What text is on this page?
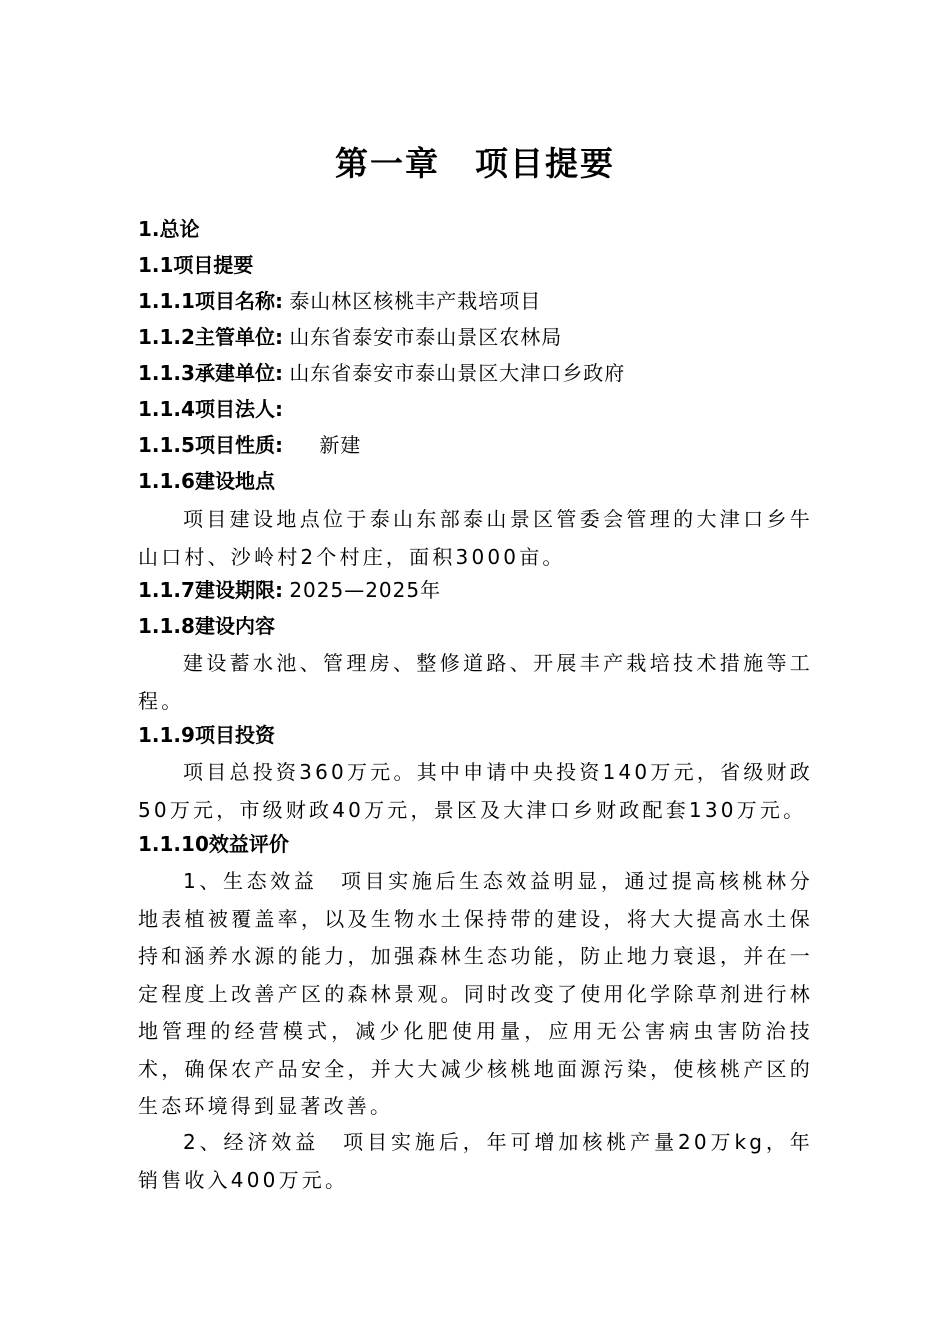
第一章　项目提要
1.总论
1.1项目提要
1.1.1项目名称: 泰山林区核桃丰产栽培项目
1.1.2主管单位: 山东省泰安市泰山景区农林局
1.1.3承建单位: 山东省泰安市泰山景区大津口乡政府
1.1.4项目法人:
1.1.5项目性质: 新建
1.1.6建设地点
项目建设地点位于泰山东部泰山景区管委会管理的大津口乡牛山口村、沙岭村2个村庄，面积3000亩。
1.1.7建设期限: 2025—2025年
1.1.8建设内容
建设蓄水池、管理房、整修道路、开展丰产栽培技术措施等工程。
1.1.9项目投资
项目总投资360万元。其中申请中央投资140万元，省级财政50万元，市级财政40万元，景区及大津口乡财政配套130万元。
1.1.10效益评价
1、生态效益　项目实施后生态效益明显，通过提高核桃林分地表植被覆盖率，以及生物水土保持带的建设，将大大提高水土保持和涵养水源的能力，加强森林生态功能，防止地力衰退，并在一定程度上改善产区的森林景观。同时改变了使用化学除草剂进行林地管理的经营模式，减少化肥使用量，应用无公害病虫害防治技术，确保农产品安全，并大大减少核桃地面源污染，使核桃产区的生态环境得到显著改善。
2、经济效益　项目实施后，年可增加核桃产量20万kg，年销售收入400万元。
